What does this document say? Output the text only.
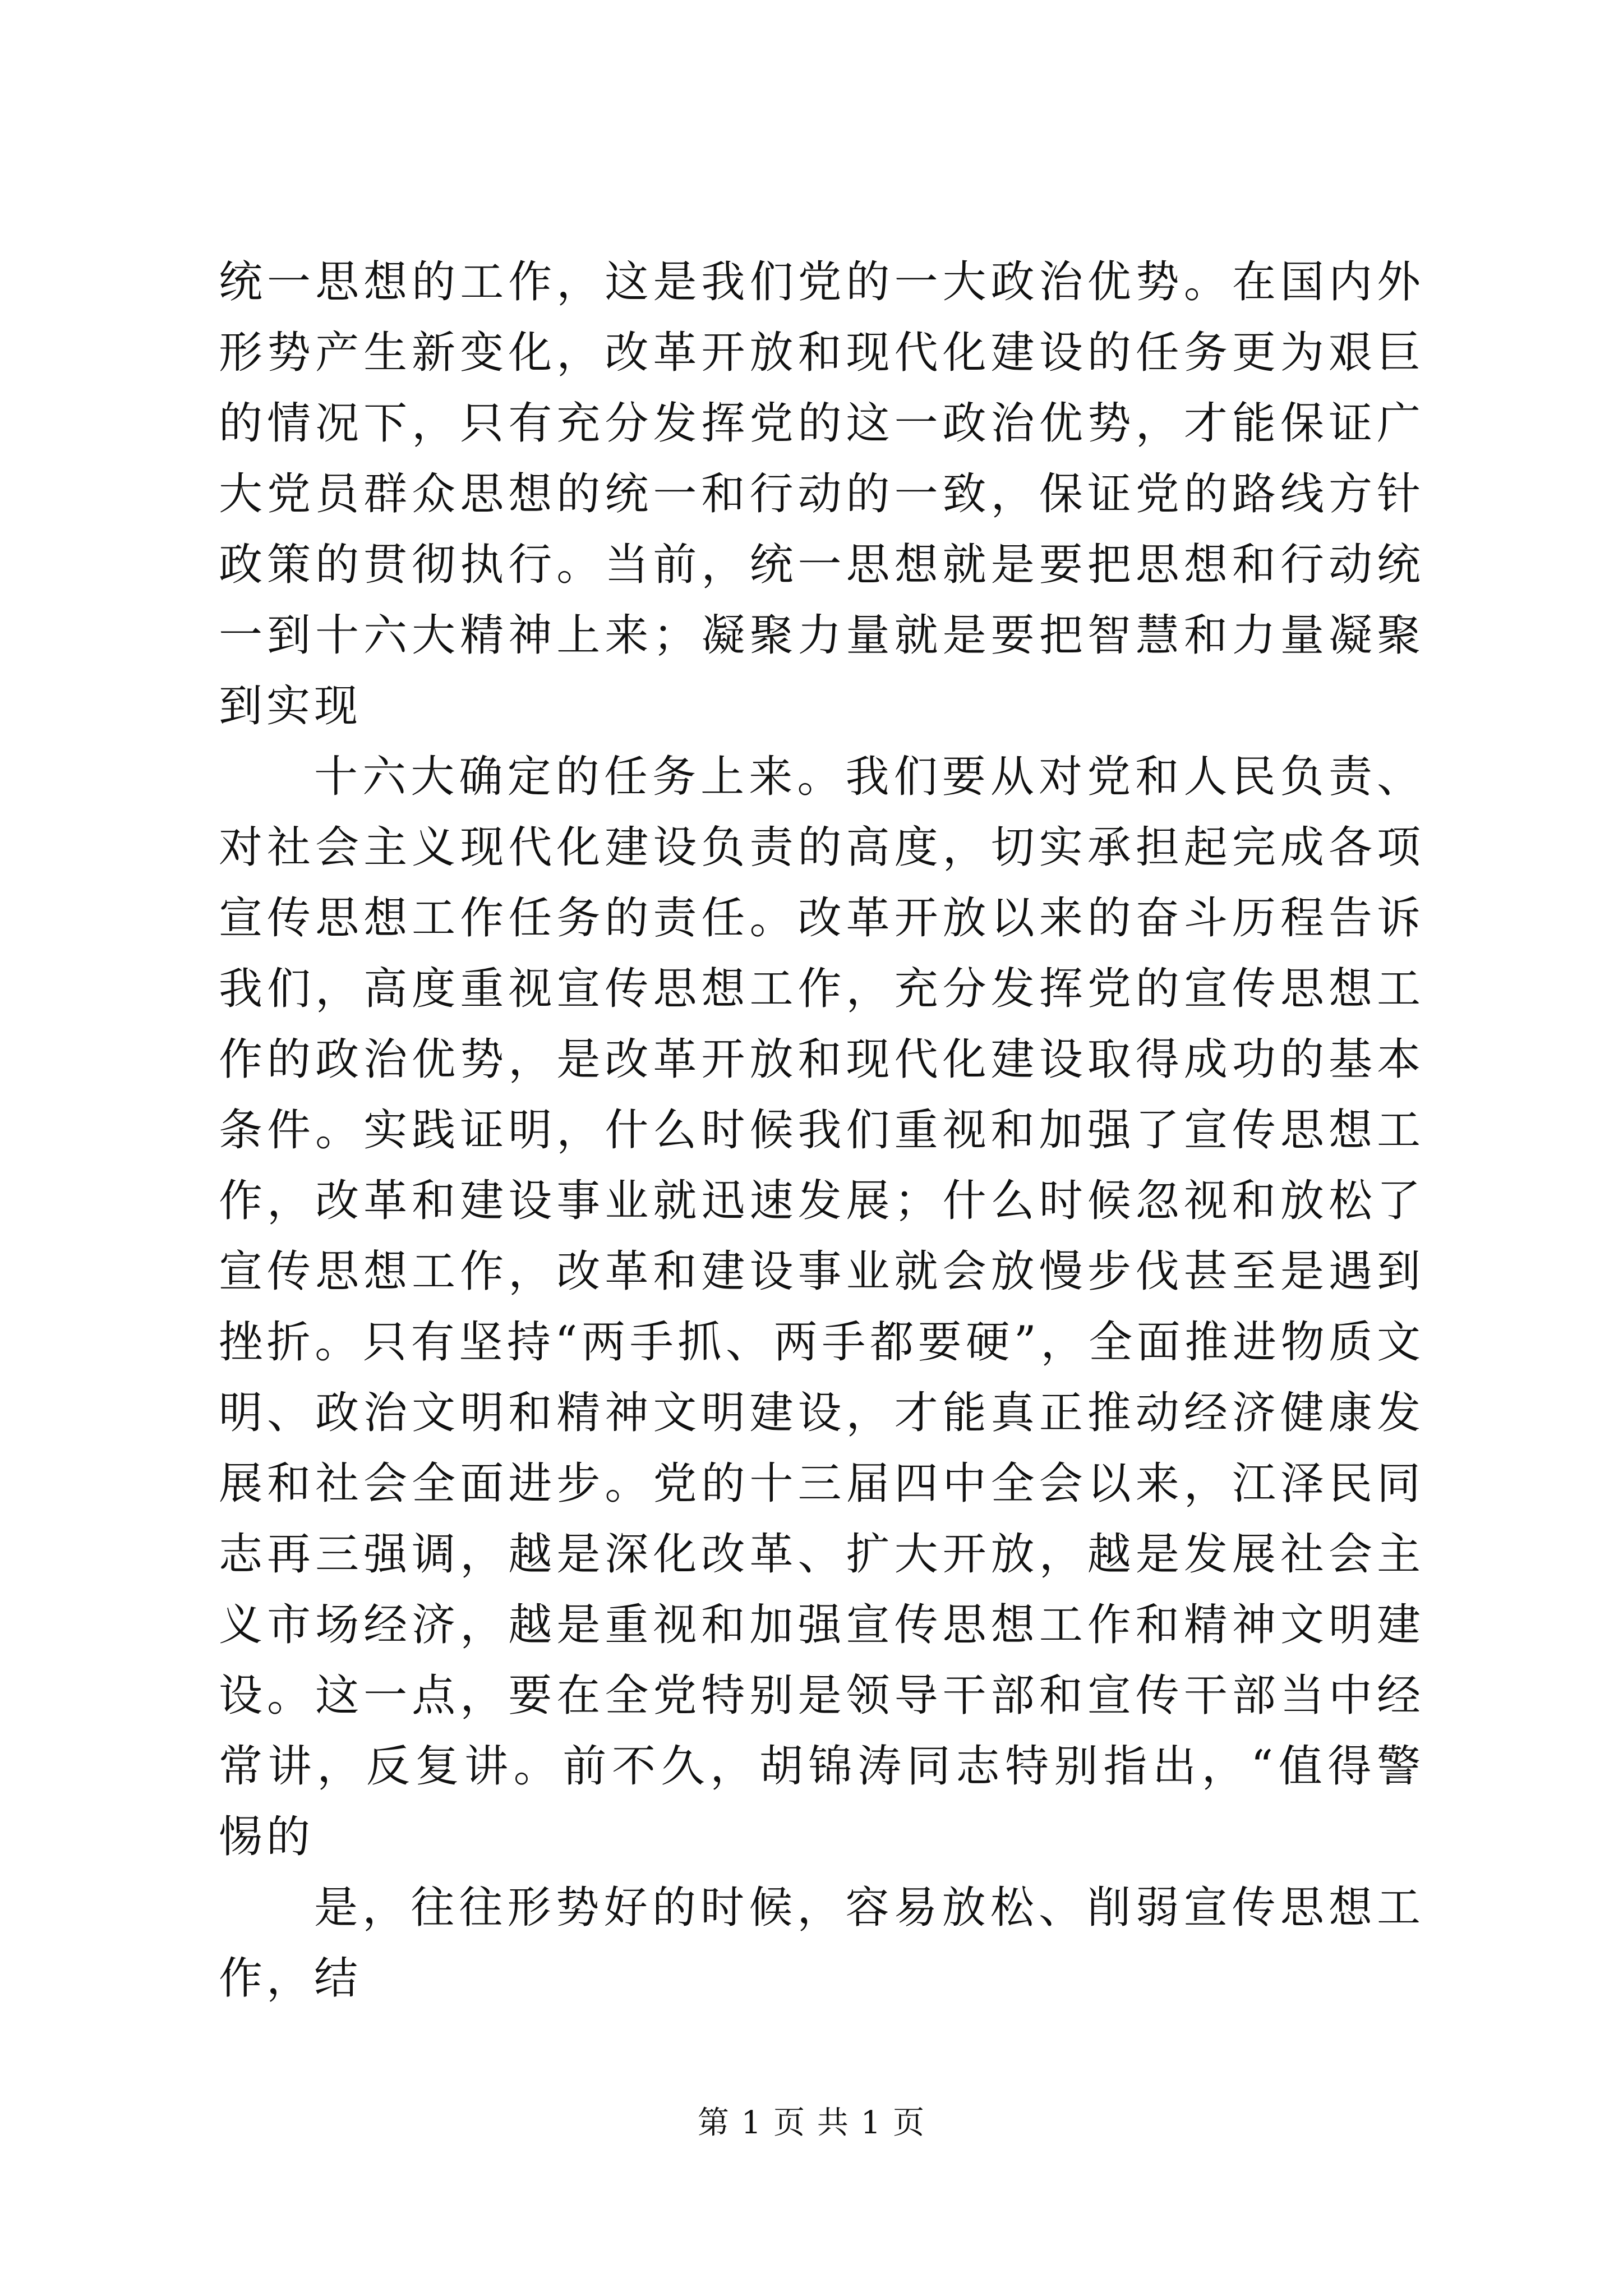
统一思想的工作，这是我们党的一大政治优势。在国内外形势产生新变化，改革开放和现代化建设的任务更为艰巨的情况下，只有充分发挥党的这一政治优势，才能保证广大党员群众思想的统一和行动的一致，保证党的路线方针政策的贯彻执行。当前，统一思想就是要把思想和行动统一到十六大精神上来；凝聚力量就是要把智慧和力量凝聚到实现

十六大确定的任务上来。我们要从对党和人民负责、对社会主义现代化建设负责的高度，切实承担起完成各项宣传思想工作任务的责任。改革开放以来的奋斗历程告诉我们，高度重视宣传思想工作，充分发挥党的宣传思想工作的政治优势，是改革开放和现代化建设取得成功的基本条件。实践证明，什么时候我们重视和加强了宣传思想工作，改革和建设事业就迅速发展；什么时候忽视和放松了宣传思想工作，改革和建设事业就会放慢步伐甚至是遇到挫折。只有坚持“两手抓、两手都要硬”，全面推进物质文明、政治文明和精神文明建设，才能真正推动经济健康发展和社会全面进步。党的十三届四中全会以来，江泽民同志再三强调，越是深化改革、扩大开放，越是发展社会主义市场经济，越是重视和加强宣传思想工作和精神文明建设。这一点，要在全党特别是领导干部和宣传干部当中经常讲，反复讲。前不久，胡锦涛同志特别指出，“值得警惕的

是，往往形势好的时候，容易放松、削弱宣传思想工作，结

第 1 页 共 1 页
